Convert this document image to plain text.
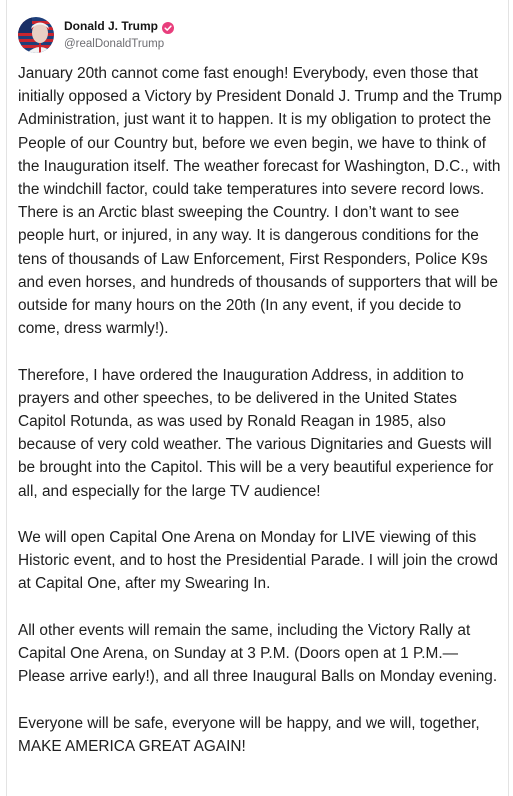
Donald J. Trump
@realDonaldTrump

January 20th cannot come fast enough! Everybody, even those that initially opposed a Victory by President Donald J. Trump and the Trump Administration, just want it to happen. It is my obligation to protect the People of our Country but, before we even begin, we have to think of the Inauguration itself. The weather forecast for Washington, D.C., with the windchill factor, could take temperatures into severe record lows. There is an Arctic blast sweeping the Country. I don’t want to see people hurt, or injured, in any way. It is dangerous conditions for the tens of thousands of Law Enforcement, First Responders, Police K9s and even horses, and hundreds of thousands of supporters that will be outside for many hours on the 20th (In any event, if you decide to come, dress warmly!).

Therefore, I have ordered the Inauguration Address, in addition to prayers and other speeches, to be delivered in the United States Capitol Rotunda, as was used by Ronald Reagan in 1985, also because of very cold weather. The various Dignitaries and Guests will be brought into the Capitol. This will be a very beautiful experience for all, and especially for the large TV audience!

We will open Capital One Arena on Monday for LIVE viewing of this Historic event, and to host the Presidential Parade. I will join the crowd at Capital One, after my Swearing In.

All other events will remain the same, including the Victory Rally at Capital One Arena, on Sunday at 3 P.M. (Doors open at 1 P.M.—Please arrive early!), and all three Inaugural Balls on Monday evening.

Everyone will be safe, everyone will be happy, and we will, together, MAKE AMERICA GREAT AGAIN!
